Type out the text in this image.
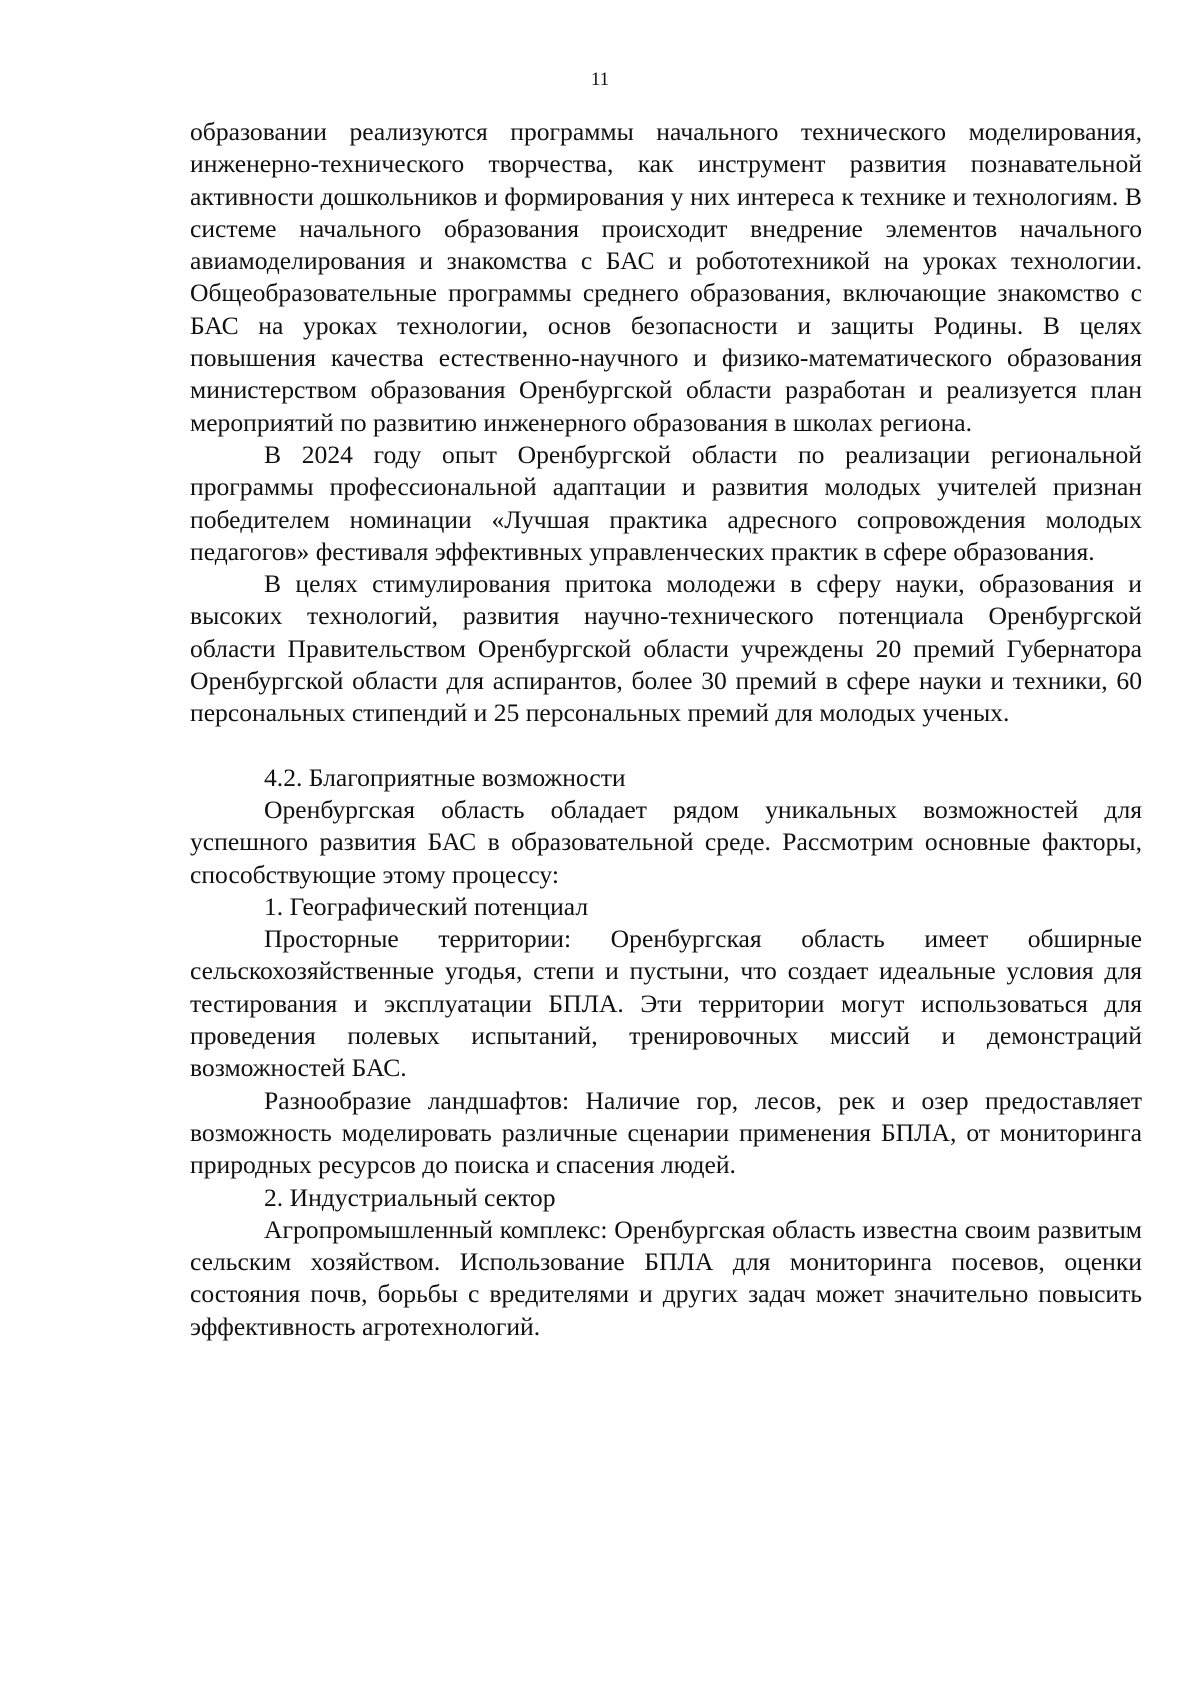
11

образовании реализуются программы начального технического моделирования, инженерно-технического творчества, как инструмент развития познавательной активности дошкольников и формирования у них интереса к технике и технологиям. В системе начального образования происходит внедрение элементов начального авиамоделирования и знакомства с БАС и робототехникой на уроках технологии. Общеобразовательные программы среднего образования, включающие знакомство с БАС на уроках технологии, основ безопасности и защиты Родины. В целях повышения качества естественно-научного и физико-математического образования министерством образования Оренбургской области разработан и реализуется план мероприятий по развитию инженерного образования в школах региона.

В 2024 году опыт Оренбургской области по реализации региональной программы профессиональной адаптации и развития молодых учителей признан победителем номинации «Лучшая практика адресного сопровождения молодых педагогов» фестиваля эффективных управленческих практик в сфере образования.

В целях стимулирования притока молодежи в сферу науки, образования и высоких технологий, развития научно-технического потенциала Оренбургской области Правительством Оренбургской области учреждены 20 премий Губернатора Оренбургской области для аспирантов, более 30 премий в сфере науки и техники, 60 персональных стипендий и 25 персональных премий для молодых ученых.

4.2. Благоприятные возможности

Оренбургская область обладает рядом уникальных возможностей для успешного развития БАС в образовательной среде. Рассмотрим основные факторы, способствующие этому процессу:

1. Географический потенциал

Просторные территории: Оренбургская область имеет обширные сельскохозяйственные угодья, степи и пустыни, что создает идеальные условия для тестирования и эксплуатации БПЛА. Эти территории могут использоваться для проведения полевых испытаний, тренировочных миссий и демонстраций возможностей БАС.

Разнообразие ландшафтов: Наличие гор, лесов, рек и озер предоставляет возможность моделировать различные сценарии применения БПЛА, от мониторинга природных ресурсов до поиска и спасения людей.

2. Индустриальный сектор

Агропромышленный комплекс: Оренбургская область известна своим развитым сельским хозяйством. Использование БПЛА для мониторинга посевов, оценки состояния почв, борьбы с вредителями и других задач может значительно повысить эффективность агротехнологий.
